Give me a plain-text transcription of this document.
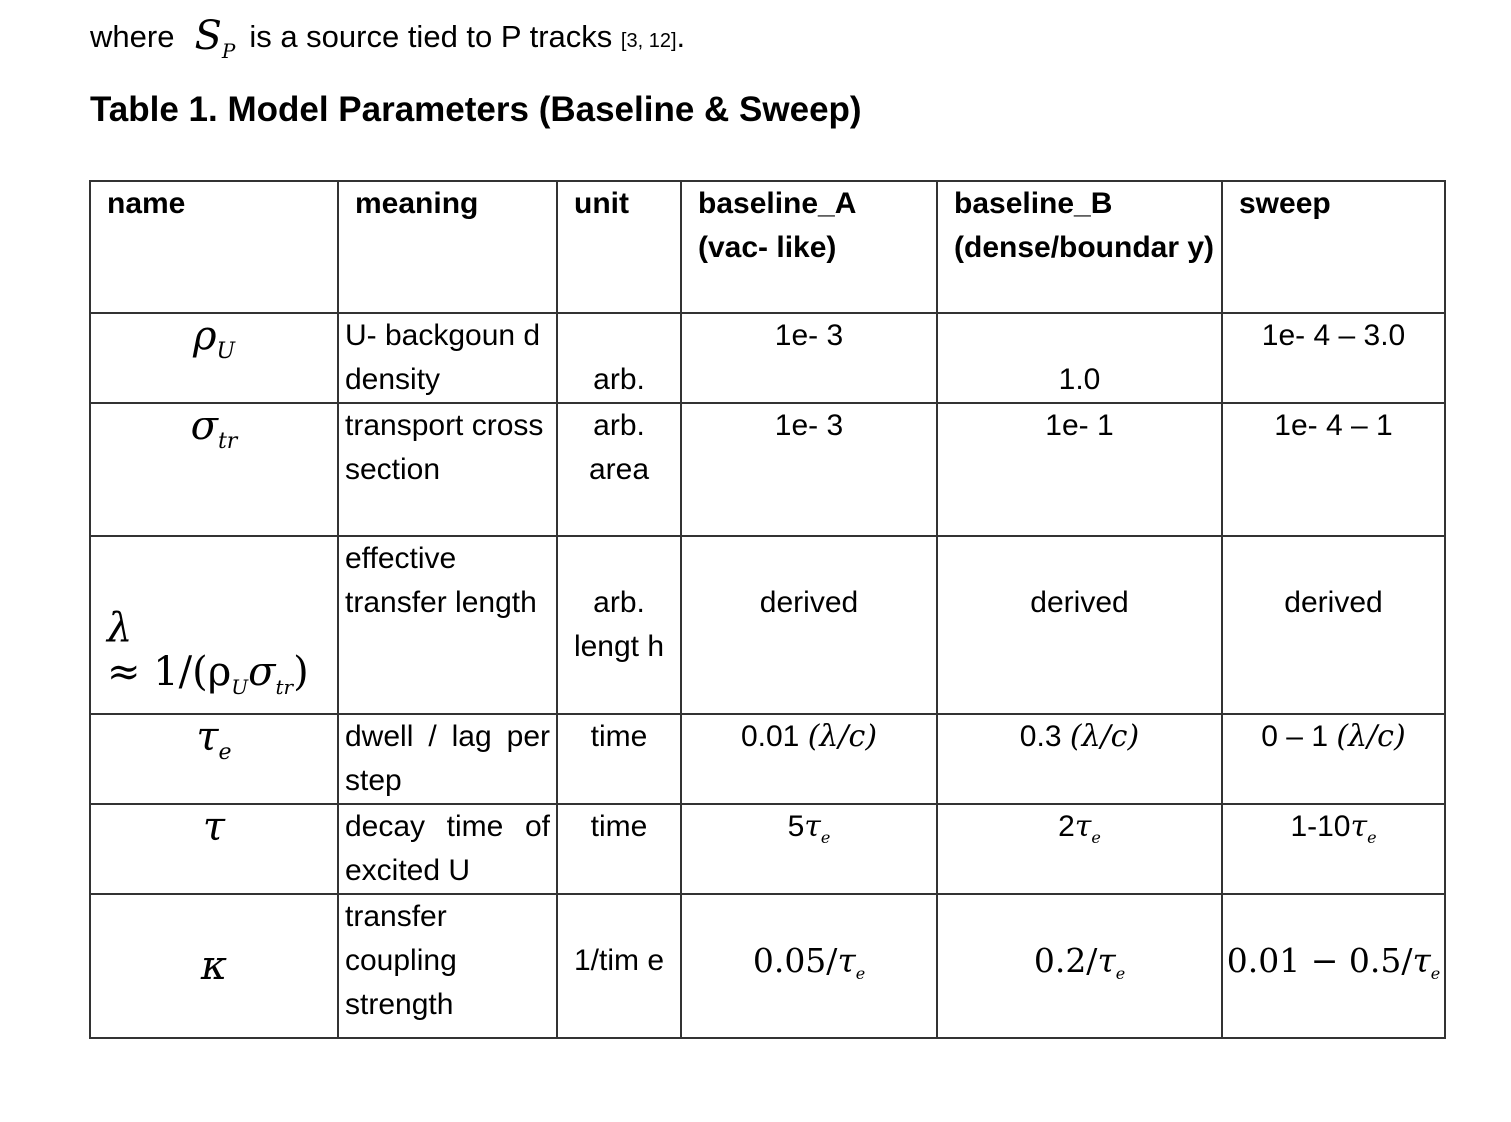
where $S_P$ is a source tied to P tracks [3, 12].
Table 1. Model Parameters (Baseline & Sweep)
name	meaning	unit	baseline_A (vac- like)	baseline_B (dense/boundar y)	sweep
$\rho_U$	U- backgoun d density	arb.	1e- 3	1.0	1e- 4 – 3.0
$\sigma_{tr}$	transport cross section	arb. area	1e- 3	1e- 1	1e- 4 – 1

λ
≈ $1/(\rho_U\sigma_{tr})$	effective transfer length	arb. lengt h	derived	derived	derived
$\tau_e$	dwell / lag per step	time	0.01 (λ/c)	0.3 (λ/c)	0 – 1 (λ/c)
τ	decay time of excited U	time	$5\tau_e$	$2\tau_e$	$1-10\tau_e$
κ	transfer coupling strength	1/tim e	$0.05/\tau_e$	$0.2/\tau_e$	$0.01 - 0.5/\tau_e$
